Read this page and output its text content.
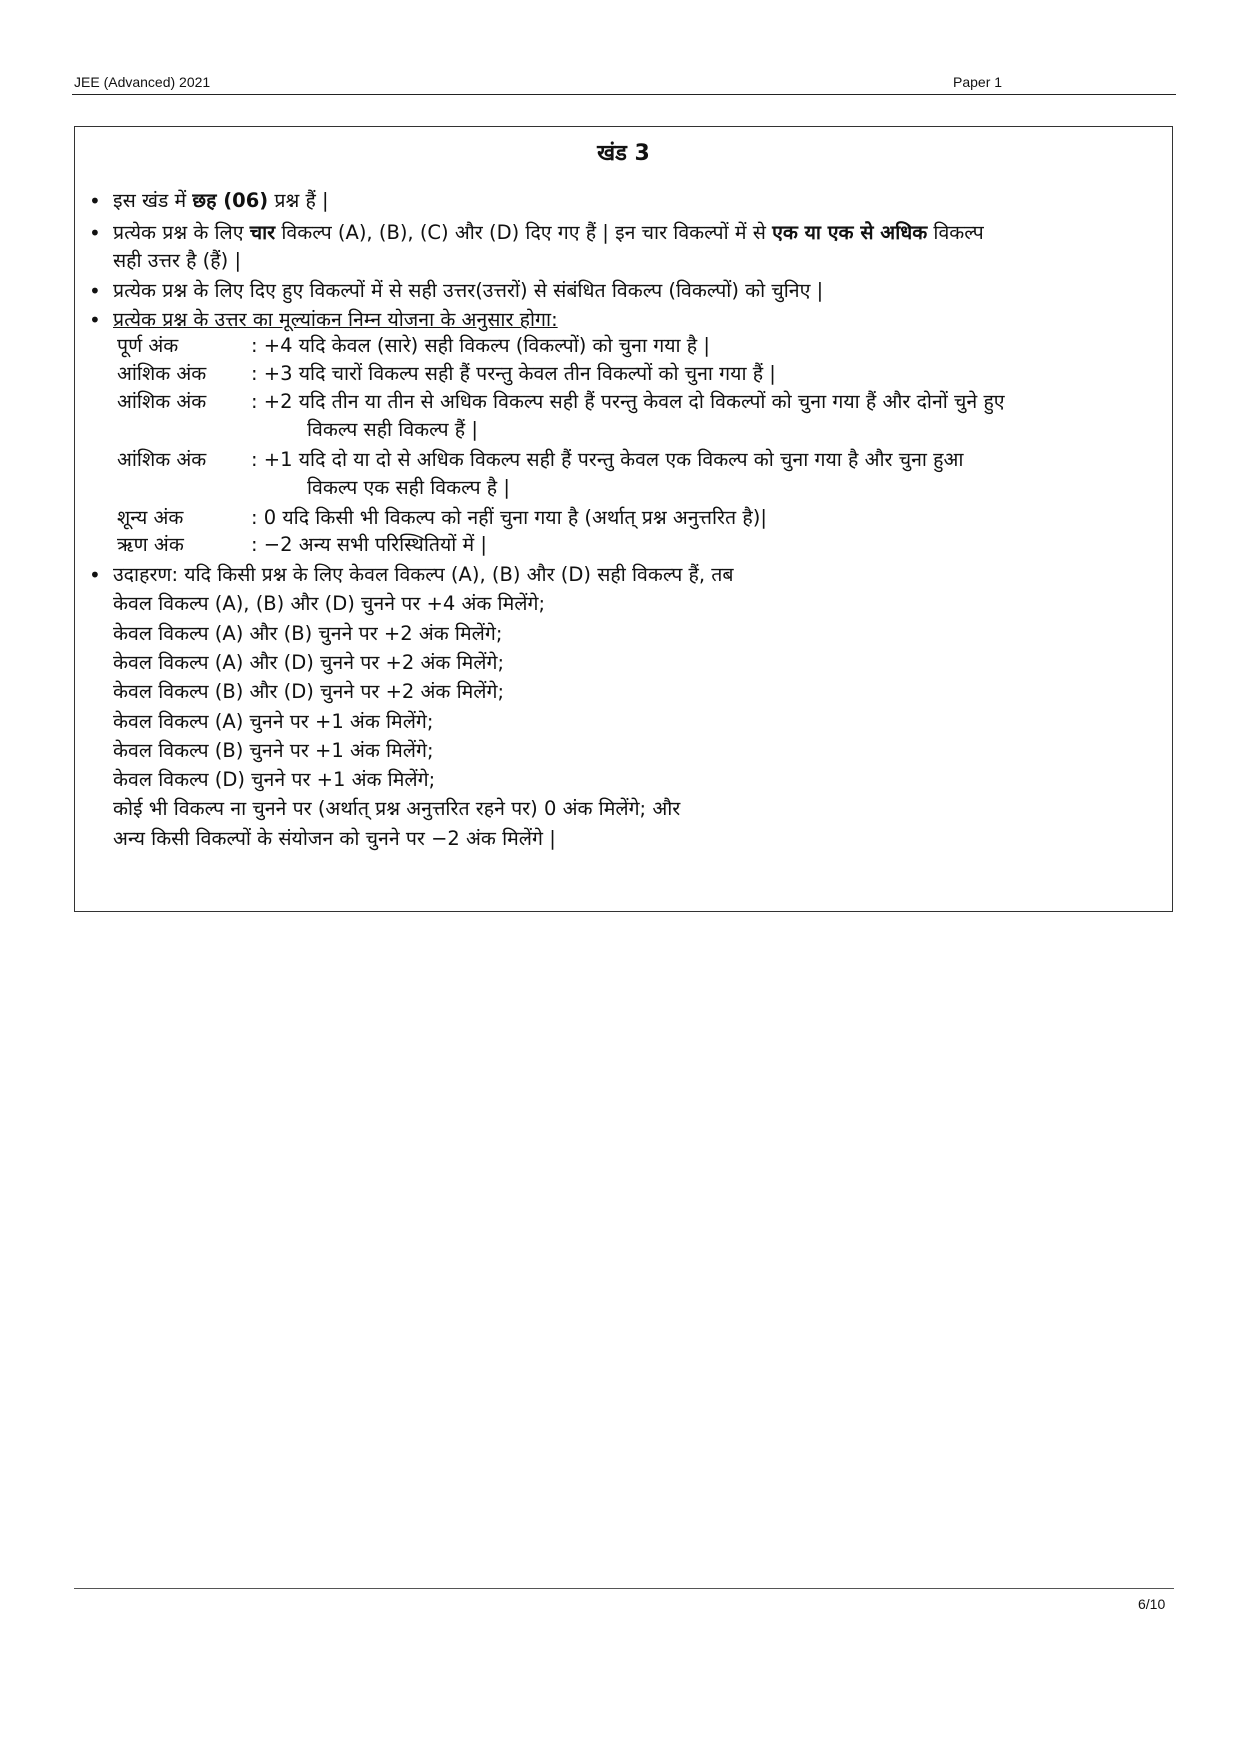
JEE (Advanced) 2021	Paper 1
खंड 3
• इस खंड में छह (06) प्रश्न हैं |
• प्रत्येक प्रश्न के लिए चार विकल्प (A), (B), (C) और (D) दिए गए हैं | इन चार विकल्पों में से एक या एक से अधिक विकल्प
सही उत्तर है (हैं) |
• प्रत्येक प्रश्न के लिए दिए हुए विकल्पों में से सही उत्तर(उत्तरों) से संबंधित विकल्प (विकल्पों) को चुनिए |
• प्रत्येक प्रश्न के उत्तर का मूल्यांकन निम्न योजना के अनुसार होगा:
पूर्ण अंक	: +4 यदि केवल (सारे) सही विकल्प (विकल्पों) को चुना गया है |
आंशिक अंक : +3 यदि चारों विकल्प सही हैं परन्तु केवल तीन विकल्पों को चुना गया हैं |
आंशिक अंक : +2 यदि तीन या तीन से अधिक विकल्प सही हैं परन्तु केवल दो विकल्पों को चुना गया हैं और दोनों चुने हुए
विकल्प सही विकल्प हैं |
आंशिक अंक : +1 यदि दो या दो से अधिक विकल्प सही हैं परन्तु केवल एक विकल्प को चुना गया है और चुना हुआ
विकल्प एक सही विकल्प है |
शून्य अंक	: 0 यदि किसी भी विकल्प को नहीं चुना गया है (अर्थात् प्रश्न अनुत्तरित है)|
ऋण अंक	: −2 अन्य सभी परिस्थितियों में |
• उदाहरण: यदि किसी प्रश्न के लिए केवल विकल्प (A), (B) और (D) सही विकल्प हैं, तब
केवल विकल्प (A), (B) और (D) चुनने पर +4 अंक मिलेंगे;
केवल विकल्प (A) और (B) चुनने पर +2 अंक मिलेंगे;
केवल विकल्प (A) और (D) चुनने पर +2 अंक मिलेंगे;
केवल विकल्प (B) और (D) चुनने पर +2 अंक मिलेंगे;
केवल विकल्प (A) चुनने पर +1 अंक मिलेंगे;
केवल विकल्प (B) चुनने पर +1 अंक मिलेंगे;
केवल विकल्प (D) चुनने पर +1 अंक मिलेंगे;
कोई भी विकल्प ना चुनने पर (अर्थात् प्रश्न अनुत्तरित रहने पर) 0 अंक मिलेंगे; और
अन्य किसी विकल्पों के संयोजन को चुनने पर −2 अंक मिलेंगे |
6/10
